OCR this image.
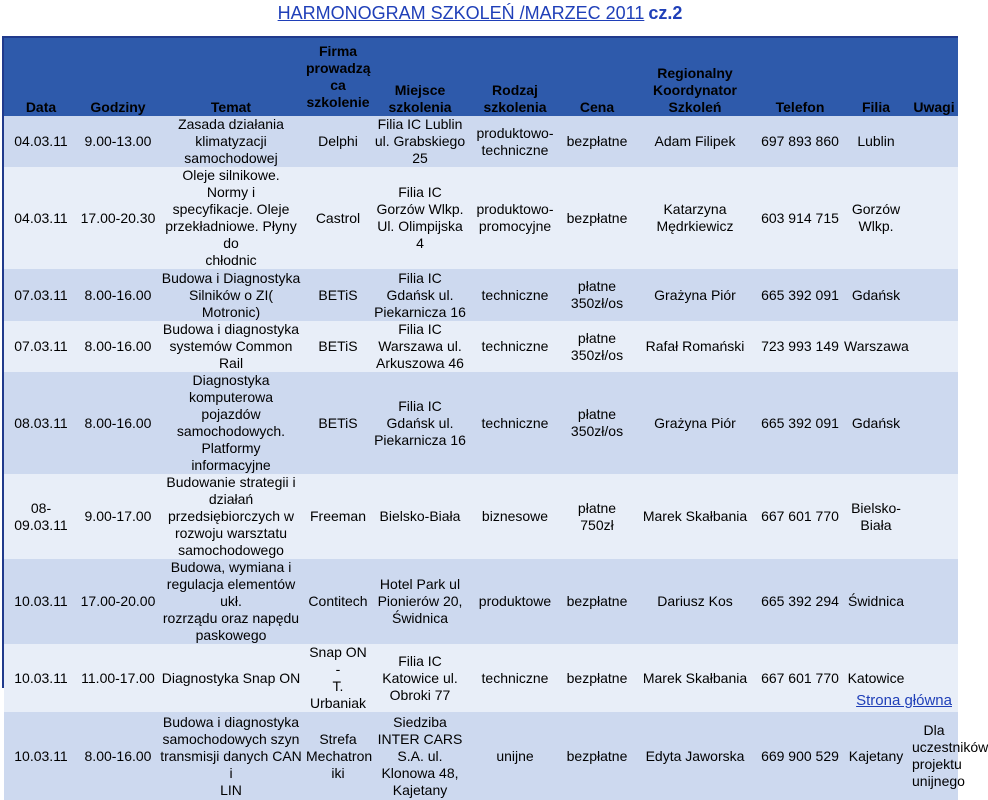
HARMONOGRAM SZKOLEŃ /MARZEC 2011 cz.2
Data	Godziny	Temat	Firma
prowadzą
ca
szkolenie	Miejsce
szkolenia	Rodzaj
szkolenia	Cena	Regionalny
Koordynator
Szkoleń	Telefon	Filia	Uwagi
04.03.11	9.00-13.00	Zasada działania
klimatyzacji
samochodowej	Delphi	Filia IC Lublin
ul. Grabskiego
25	produktowo-
techniczne	bezpłatne	Adam Filipek	697 893 860	Lublin	
04.03.11	17.00-20.30	Oleje silnikowe. Normy i
specyfikacje. Oleje
przekładniowe. Płyny do
chłodnic	Castrol	Filia IC
Gorzów Wlkp.
Ul. Olimpijska
4	produktowo-
promocyjne	bezpłatne	Katarzyna
Mędrkiewicz	603 914 715	Gorzów
Wlkp.	
07.03.11	8.00-16.00	Budowa i Diagnostyka
Silników o ZI( Motronic)	BETiS	Filia IC
Gdańsk ul.
Piekarnicza 16	techniczne	płatne
350zł/os	Grażyna Piór	665 392 091	Gdańsk	
07.03.11	8.00-16.00	Budowa i diagnostyka
systemów Common Rail	BETiS	Filia IC
Warszawa ul.
Arkuszowa 46	techniczne	płatne
350zł/os	Rafał Romański	723 993 149	Warszawa	
08.03.11	8.00-16.00	Diagnostyka
komputerowa pojazdów
samochodowych.
Platformy
informacyjne	BETiS	Filia IC
Gdańsk ul.
Piekarnicza 16	techniczne	płatne
350zł/os	Grażyna Piór	665 392 091	Gdańsk	
08-
09.03.11	9.00-17.00	Budowanie strategii i
działań
przedsiębiorczych w
rozwoju warsztatu
samochodowego	Freeman	Bielsko-Biała	biznesowe	płatne
750zł	Marek Skałbania	667 601 770	Bielsko-
Biała	
10.03.11	17.00-20.00	Budowa, wymiana i
regulacja elementów ukł.
rozrządu oraz napędu
paskowego	Contitech	Hotel Park ul
Pionierów 20,
Świdnica	produktowe	bezpłatne	Dariusz Kos	665 392 294	Świdnica	
10.03.11	11.00-17.00	Diagnostyka Snap ON	Snap ON -
T.
Urbaniak	Filia IC
Katowice ul.
Obroki 77	techniczne	bezpłatne	Marek Skałbania	667 601 770	Katowice	
10.03.11	8.00-16.00	Budowa i diagnostyka
samochodowych szyn
transmisji danych CAN i
LIN	Strefa
Mechatron
iki	Siedziba
INTER CARS
S.A. ul.
Klonowa 48,
Kajetany	unijne	bezpłatne	Edyta Jaworska	669 900 529	Kajetany	Dla
uczestników
projektu
unijnego
Strona główna
